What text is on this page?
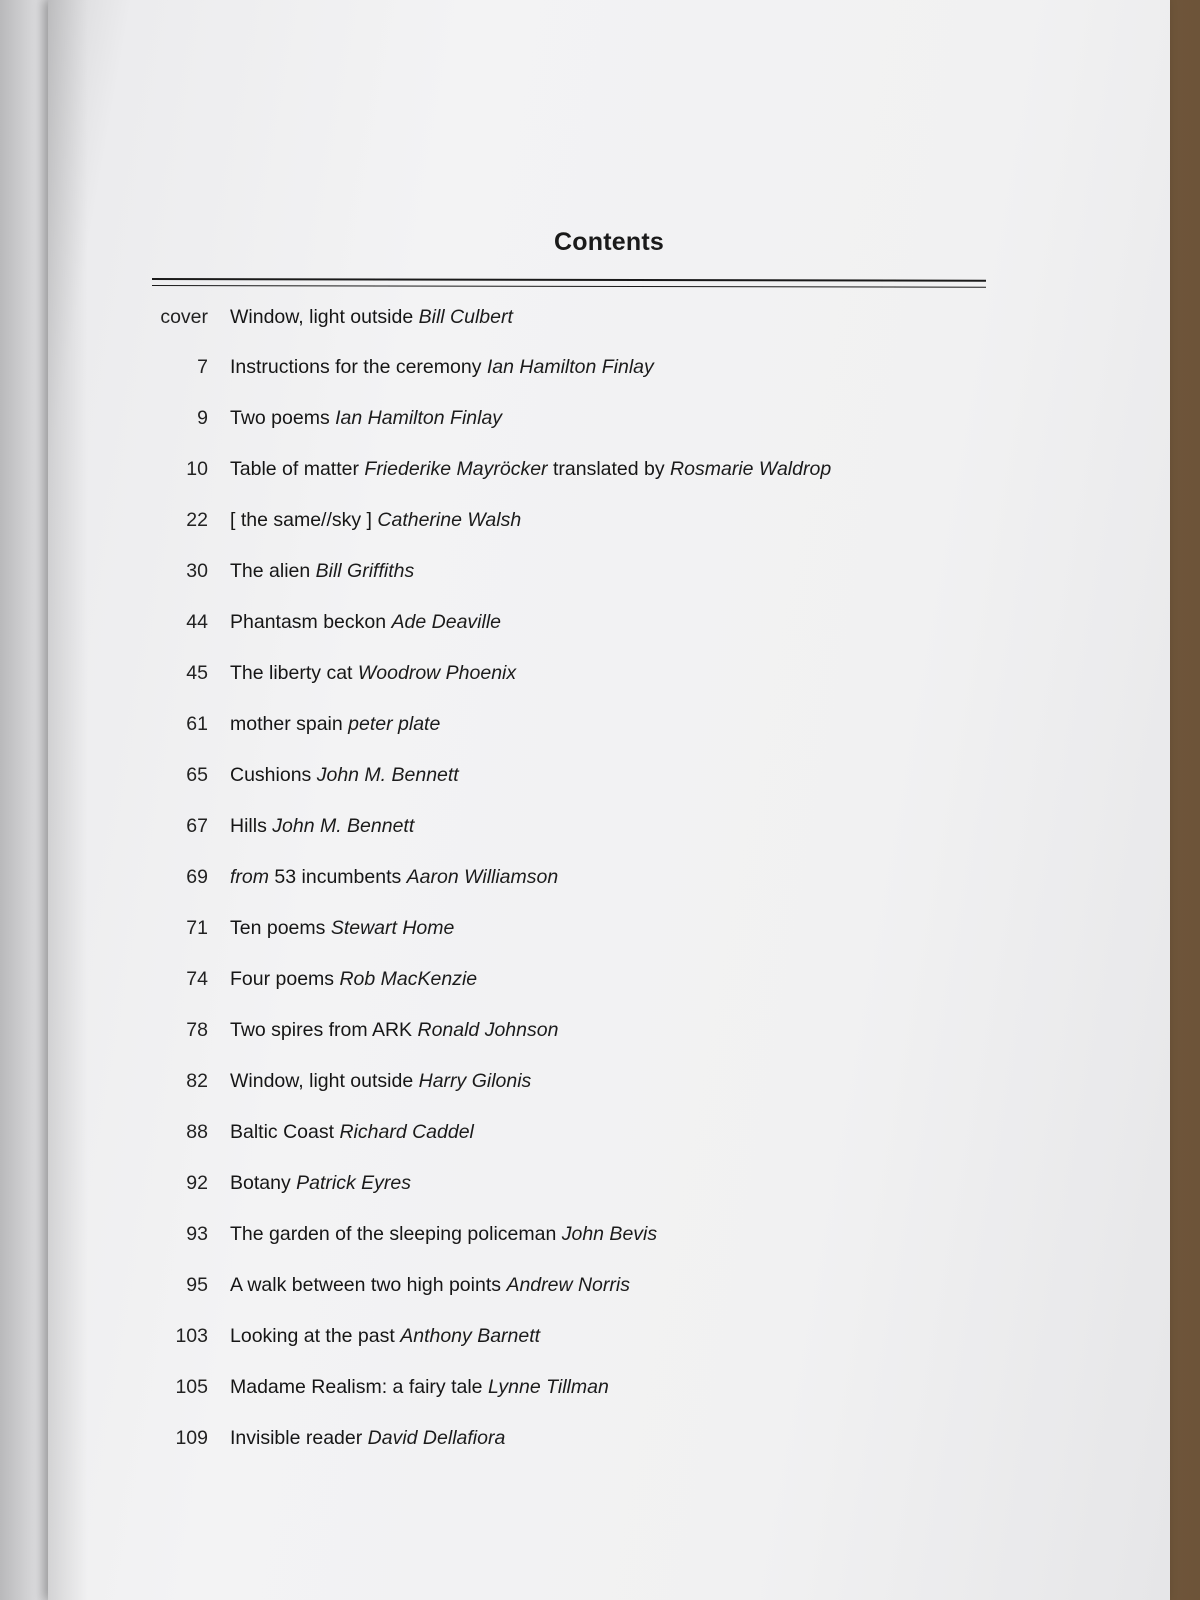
Contents
cover Window, light outside Bill Culbert
7 Instructions for the ceremony Ian Hamilton Finlay
9 Two poems Ian Hamilton Finlay
10 Table of matter Friederike Mayröcker translated by Rosmarie Waldrop
22 [ the same//sky ] Catherine Walsh
30 The alien Bill Griffiths
44 Phantasm beckon Ade Deaville
45 The liberty cat Woodrow Phoenix
61 mother spain peter plate
65 Cushions John M. Bennett
67 Hills John M. Bennett
69 from 53 incumbents Aaron Williamson
71 Ten poems Stewart Home
74 Four poems Rob MacKenzie
78 Two spires from ARK Ronald Johnson
82 Window, light outside Harry Gilonis
88 Baltic Coast Richard Caddel
92 Botany Patrick Eyres
93 The garden of the sleeping policeman John Bevis
95 A walk between two high points Andrew Norris
103 Looking at the past Anthony Barnett
105 Madame Realism: a fairy tale Lynne Tillman
109 Invisible reader David Dellafiora
